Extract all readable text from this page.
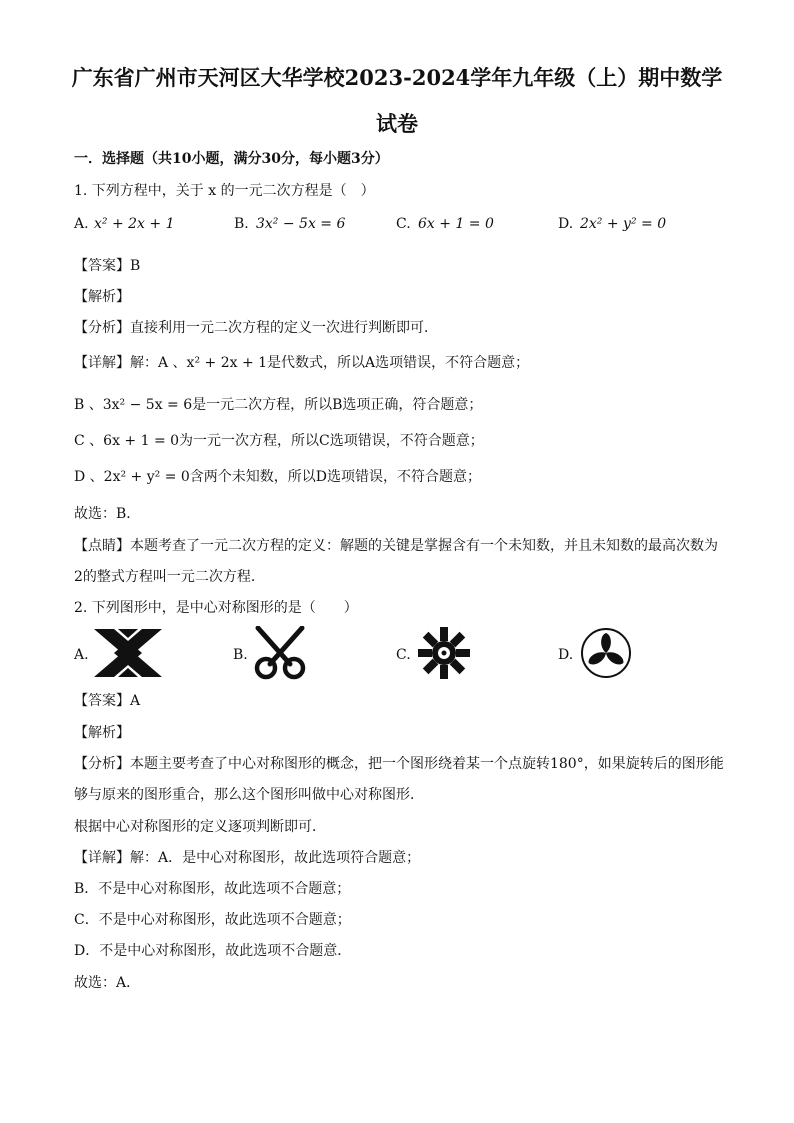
广东省广州市天河区大华学校2023-2024学年九年级（上）期中数学
试卷
一．选择题（共10小题，满分30分，每小题3分）
1. 下列方程中，关于 x 的一元二次方程是（　）
A. x² + 2x + 1	B. 3x² − 5x = 6	C. 6x + 1 = 0	D. 2x² + y² = 0
【答案】B
【解析】
【分析】直接利用一元二次方程的定义一次进行判断即可．
【详解】解：A 、x² + 2x + 1是代数式，所以A选项错误，不符合题意；
B 、3x² − 5x = 6是一元二次方程，所以B选项正确，符合题意；
C 、6x + 1 = 0为一元一次方程，所以C选项错误，不符合题意；
D 、2x² + y² = 0含两个未知数，所以D选项错误，不符合题意；
故选：B．
【点睛】本题考查了一元二次方程的定义：解题的关键是掌握含有一个未知数，并且未知数的最高次数为
2的整式方程叫一元二次方程．
2. 下列图形中，是中心对称图形的是（　　）
A.	B.	C.	D.
【答案】A
【解析】
【分析】本题主要考查了中心对称图形的概念，把一个图形绕着某一个点旋转180°，如果旋转后的图形能
够与原来的图形重合，那么这个图形叫做中心对称图形．
根据中心对称图形的定义逐项判断即可．
【详解】解：A．是中心对称图形，故此选项符合题意；
B．不是中心对称图形，故此选项不合题意；
C．不是中心对称图形，故此选项不合题意；
D．不是中心对称图形，故此选项不合题意．
故选：A．
